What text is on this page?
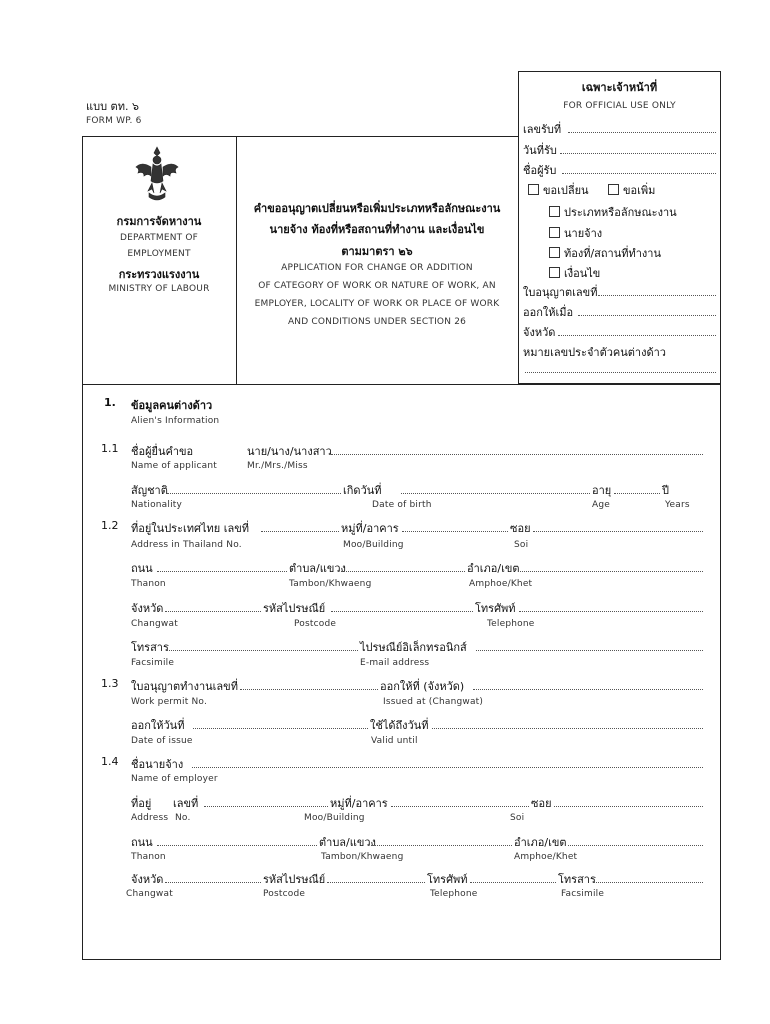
แบบ ตท. ๖
FORM WP. 6
เฉพาะเจ้าหน้าที่
FOR OFFICIAL USE ONLY
เลขรับที่
วันที่รับ
ชื่อผู้รับ
ขอเปลี่ยน	ขอเพิ่ม
ประเภทหรือลักษณะงาน
นายจ้าง
ท้องที่/สถานที่ทำงาน
เงื่อนไข
ใบอนุญาตเลขที่
ออกให้เมื่อ
จังหวัด
หมายเลขประจำตัวคนต่างด้าว
กรมการจัดหางาน
DEPARTMENT OF
EMPLOYMENT
กระทรวงแรงงาน
MINISTRY OF LABOUR
คำขออนุญาตเปลี่ยนหรือเพิ่มประเภทหรือลักษณะงาน
นายจ้าง ท้องที่หรือสถานที่ทำงาน และเงื่อนไข
ตามมาตรา ๒๖
APPLICATION FOR CHANGE OR ADDITION
OF CATEGORY OF WORK OR NATURE OF WORK, AN
EMPLOYER, LOCALITY OF WORK OR PLACE OF WORK
AND CONDITIONS UNDER SECTION 26
1. ข้อมูลคนต่างด้าว
Alien's Information
1.1 ชื่อผู้ยื่นคำขอ	นาย/นาง/นางสาว
Name of applicant	Mr./Mrs./Miss
สัญชาติ	เกิดวันที่	อายุ	ปี
Nationality	Date of birth	Age	Years
1.2 ที่อยู่ในประเทศไทย เลขที่	หมู่ที่/อาคาร	ซอย
Address in Thailand No.	Moo/Building	Soi
ถนน	ตำบล/แขวง	อำเภอ/เขต
Thanon	Tambon/Khwaeng	Amphoe/Khet
จังหวัด	รหัสไปรษณีย์	โทรศัพท์
Changwat	Postcode	Telephone
โทรสาร	ไปรษณีย์อิเล็กทรอนิกส์
Facsimile	E-mail address
1.3 ใบอนุญาตทำงานเลขที่	ออกให้ที่ (จังหวัด)
Work permit No.	Issued at (Changwat)
ออกให้วันที่	ใช้ได้ถึงวันที่
Date of issue	Valid until
1.4 ชื่อนายจ้าง
Name of employer
ที่อยู่ เลขที่	หมู่ที่/อาคาร	ซอย
Address No.	Moo/Building	Soi
ถนน	ตำบล/แขวง	อำเภอ/เขต
Thanon	Tambon/Khwaeng	Amphoe/Khet
จังหวัด	รหัสไปรษณีย์	โทรศัพท์	โทรสาร
Changwat	Postcode	Telephone	Facsimile
